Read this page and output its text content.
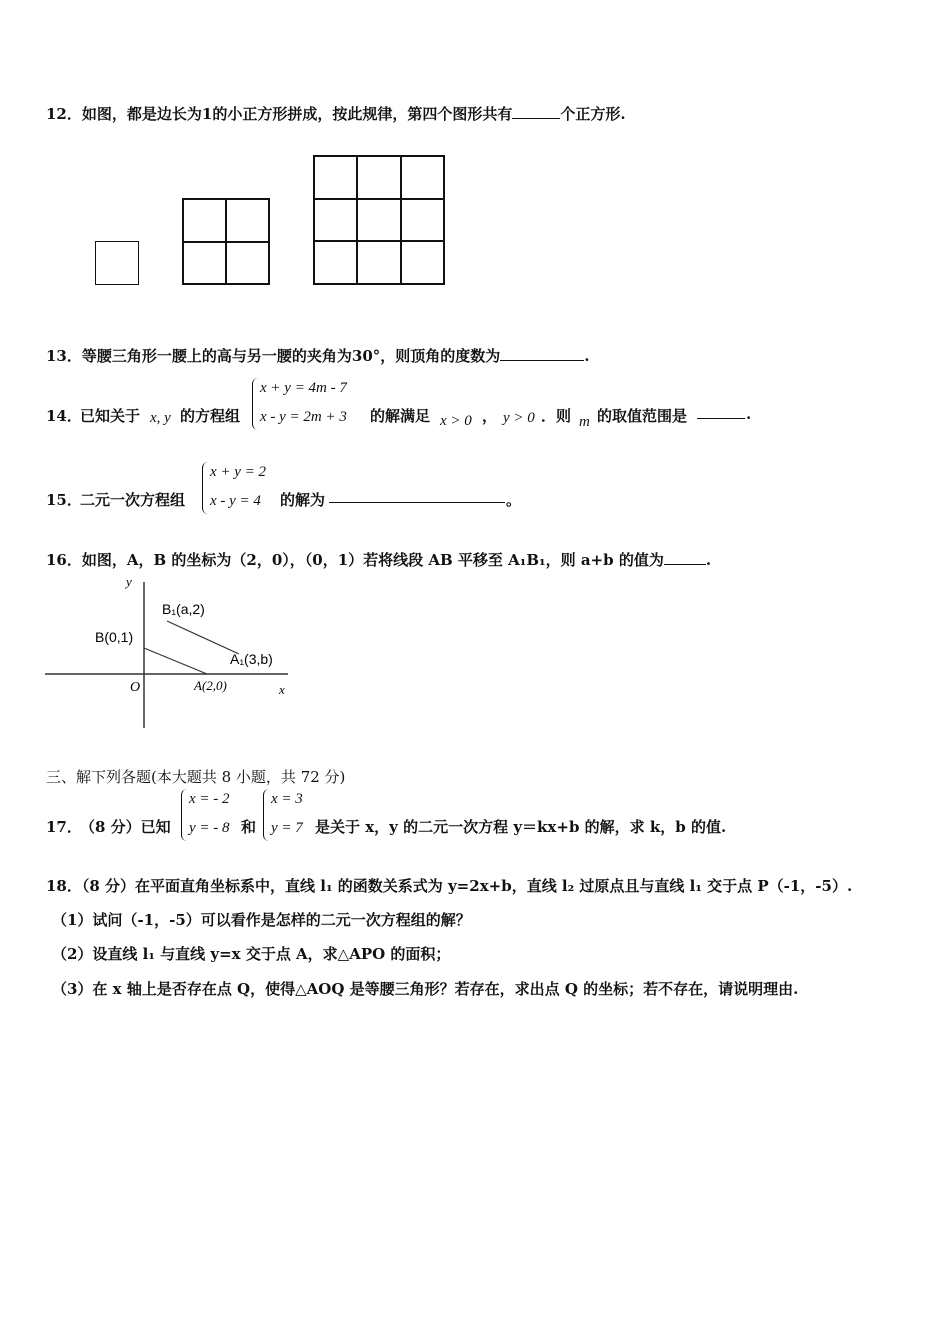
12．如图，都是边长为1的小正方形拼成，按此规律，第四个图形共有	个正方形.
13．等腰三角形一腰上的高与另一腰的夹角为30°，则顶角的度数为	.
14．
已知关于 x, y 的方程组
x + y = 4m - 7
x - y = 2m + 3 的解满足 x > 0 ， y > 0 ．则 m 的取值范围是	.
15．
二元一次方程组
x + y = 2
x - y = 4 的解为	。
16．如图，A，B 的坐标为（2，0），（0，1）若将线段 AB 平移至 A₁B₁，则 a+b 的值为	.
y
x
O
B(0,1)
A(2,0)
B₁(a,2)
A₁(3,b)
三、解下列各题(本大题共 8 小题，共 72 分)
17．
（8 分）已知
x = - 2
y = - 8 和
x = 3
y = 7 是关于 x，y 的二元一次方程 y＝kx+b 的解，求 k，b 的值.
18．（8 分）在平面直角坐标系中，直线 l₁ 的函数关系式为 y=2x+b，直线 l₂ 过原点且与直线 l₁ 交于点 P（-1，-5）.
（1）试问（-1，-5）可以看作是怎样的二元一次方程组的解？
（2）设直线 l₁ 与直线 y=x 交于点 A，求△APO 的面积；
（3）在 x 轴上是否存在点 Q，使得△AOQ 是等腰三角形？若存在，求出点 Q 的坐标；若不存在，请说明理由.
